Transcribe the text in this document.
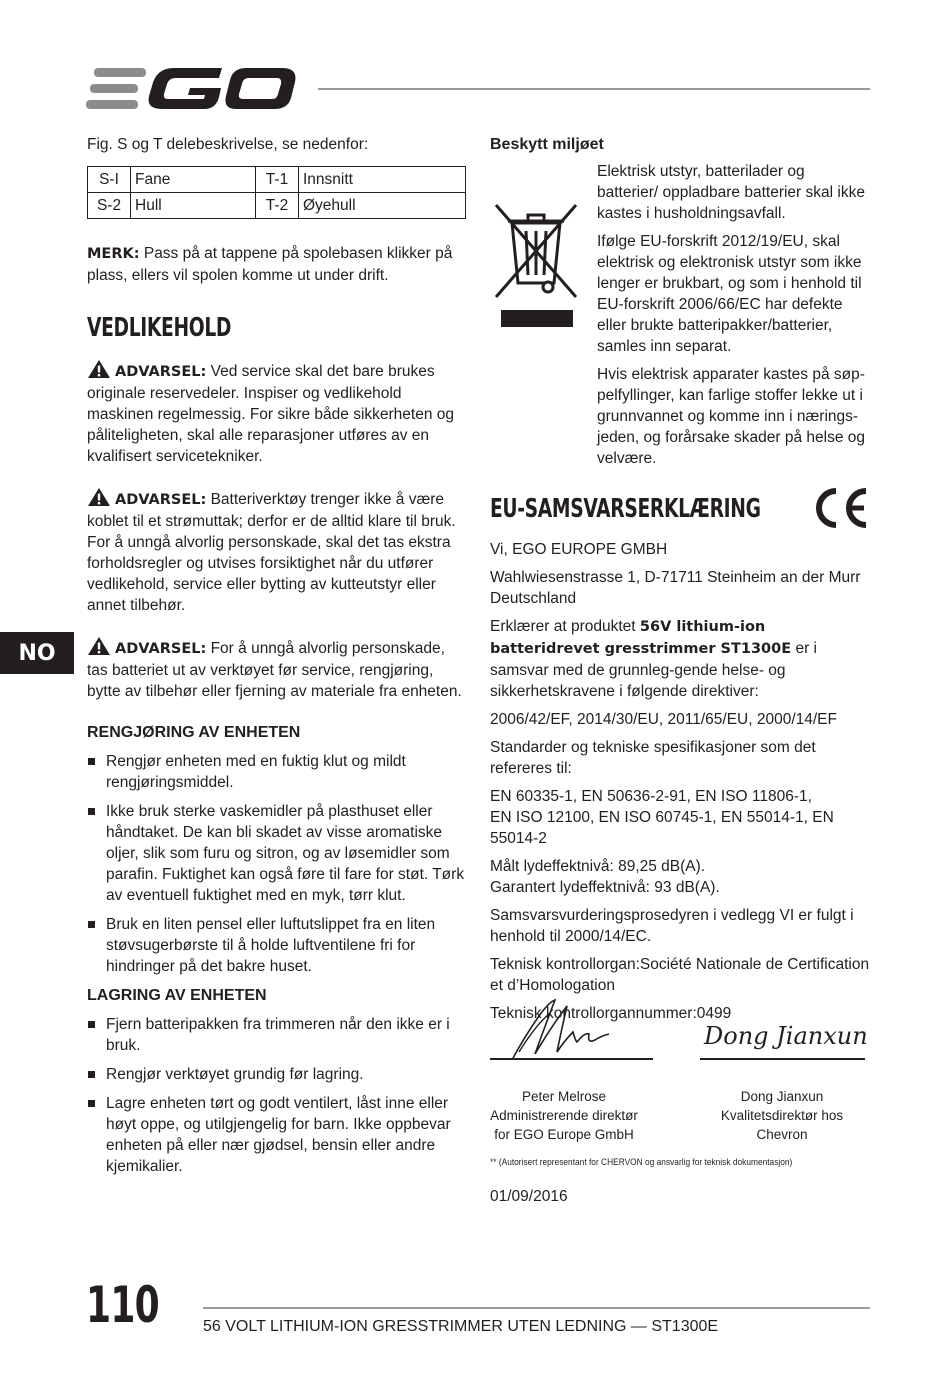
NO

Fig. S og T delebeskrivelse, se nedenfor:

S-I	Fane	T-1	Innsnitt
S-2	Hull	T-2	Øyehull

MERK: Pass på at tappene på spolebasen klikker på plass, ellers vil spolen komme ut under drift.

VEDLIKEHOLD

ADVARSEL: Ved service skal det bare brukes originale reservedeler. Inspiser og vedlikehold maskinen regelmessig. For sikre både sikkerheten og påliteligheten, skal alle reparasjoner utføres av en kvalifisert servicetekniker.

ADVARSEL: Batteriverktøy trenger ikke å være koblet til et strømuttak; derfor er de alltid klare til bruk. For å unngå alvorlig personskade, skal det tas ekstra forholdsregler og utvises forsiktighet når du utfører vedlikehold, service eller bytting av kutteutstyr eller annet tilbehør.

ADVARSEL: For å unngå alvorlig personskade, tas batteriet ut av verktøyet før service, rengjøring, bytte av tilbehør eller fjerning av materiale fra enheten.

RENGJØRING AV ENHETEN
Rengjør enheten med en fuktig klut og mildt rengjøringsmiddel.
Ikke bruk sterke vaskemidler på plasthuset eller håndtaket. De kan bli skadet av visse aromatiske oljer, slik som furu og sitron, og av løsemidler som parafin. Fuktighet kan også føre til fare for støt. Tørk av eventuell fuktighet med en myk, tørr klut.
Bruk en liten pensel eller luftutslippet fra en liten støvsugerbørste til å holde luftventilene fri for hindringer på det bakre huset.
LAGRING AV ENHETEN
Fjern batteripakken fra trimmeren når den ikke er i bruk.
Rengjør verktøyet grundig før lagring.
Lagre enheten tørt og godt ventilert, låst inne eller høyt oppe, og utilgjengelig for barn. Ikke oppbevar enheten på eller nær gjødsel, bensin eller andre kjemikalier.
Beskytt miljøet

Elektrisk utstyr, batterilader og batterier/ oppladbare batterier skal ikke kastes i husholdningsavfall.

Ifølge EU-forskrift 2012/19/EU, skal elektrisk og elektronisk utstyr som ikke lenger er brukbart, og som i henhold til EU-forskrift 2006/66/EC har defekte eller brukte batteripakker/batterier, samles inn separat.

Hvis elektrisk apparater kastes på søp-pelfyllinger, kan farlige stoffer lekke ut i grunnvannet og komme inn i nærings-jeden, og forårsake skader på helse og velvære.

EU-SAMSVARSERKLÆRING

Vi, EGO EUROPE GMBH

Wahlwiesenstrasse 1, D-71711 Steinheim an der Murr Deutschland

Erklærer at produktet 56V lithium-ion batteridrevet gresstrimmer ST1300E er i samsvar med de grunnleg-gende helse- og sikkerhetskravene i følgende direktiver:

2006/42/EF, 2014/30/EU, 2011/65/EU, 2000/14/EF

Standarder og tekniske spesifikasjoner som det refereres til:

EN 60335-1, EN 50636-2-91, EN ISO 11806-1,
EN ISO 12100, EN ISO 60745-1, EN 55014-1, EN 55014-2

Målt lydeffektnivå: 89,25 dB(A).
Garantert lydeffektnivå: 93 dB(A).

Samsvarsvurderingsprosedyren i vedlegg VI er fulgt i henhold til 2000/14/EC.

Teknisk kontrollorgan:Société Nationale de Certification et d’Homologation

Teknisk kontrollorgannummer:0499

Dong Jianxun
Peter Melrose
Administrerende direktør
for EGO Europe GmbH
Dong Jianxun
Kvalitetsdirektør hos Chevron
** (Autorisert representant for CHERVON og ansvarlig for teknisk dokumentasjon)
01/09/2016
110	56 VOLT LITHIUM-ION GRESSTRIMMER UTEN LEDNING — ST1300E
